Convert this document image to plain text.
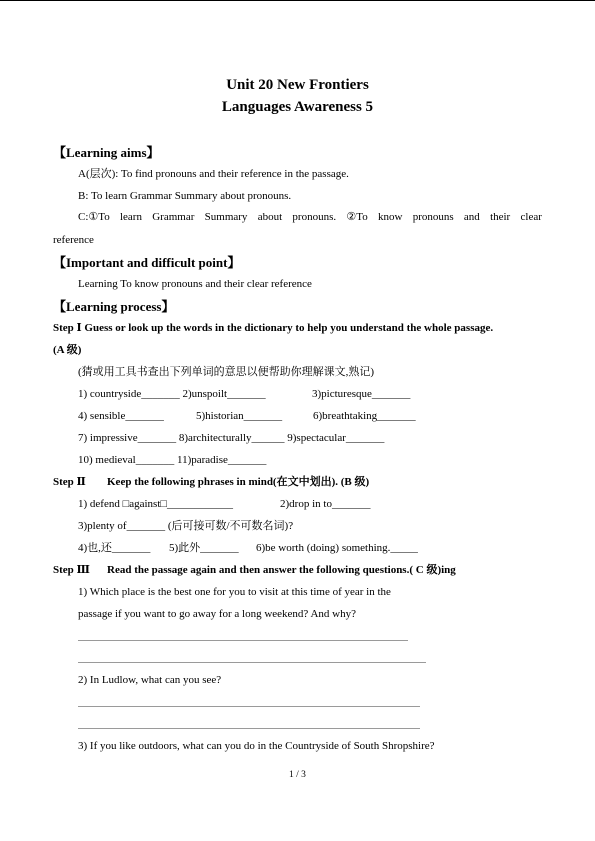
Unit 20 New Frontiers
Languages Awareness 5
【Learning aims】
A(层次): To find pronouns and their reference in the passage.
B: To learn Grammar Summary about pronouns.
C:①To learn Grammar Summary about pronouns. ②To know pronouns and their clear
reference
【Important and difficult point】
Learning To know pronouns and their clear reference
【Learning process】
Step Ⅰ Guess or look up the words in the dictionary to help you understand the whole passage.
(A 级)
(猜或用工具书查出下列单词的意思以便帮助你理解课文,熟记)
1) countryside_______ 2)unspoilt_______	3)picturesque_______
4) sensible_______	5)historian_______	6)breathtaking_______
7) impressive_______ 8)architecturally______ 9)spectacular_______
10) medieval_______ 11)paradise_______
Step Ⅱ Keep the following phrases in mind(在文中划出). (B 级)
1) defend □against□____________	2)drop in to_______
3)plenty of_______ (后可接可数/不可数名词)?
4)也,还_______ 5)此外_______ 6)be worth (doing) something._____
Step Ⅲ Read the passage again and then answer the following questions.( C 级)ing
1) Which place is the best one for you to visit at this time of year in the
passage if you want to go away for a long weekend? And why?
2) In Ludlow, what can you see?
3) If you like outdoors, what can you do in the Countryside of South Shropshire?
1 / 3
